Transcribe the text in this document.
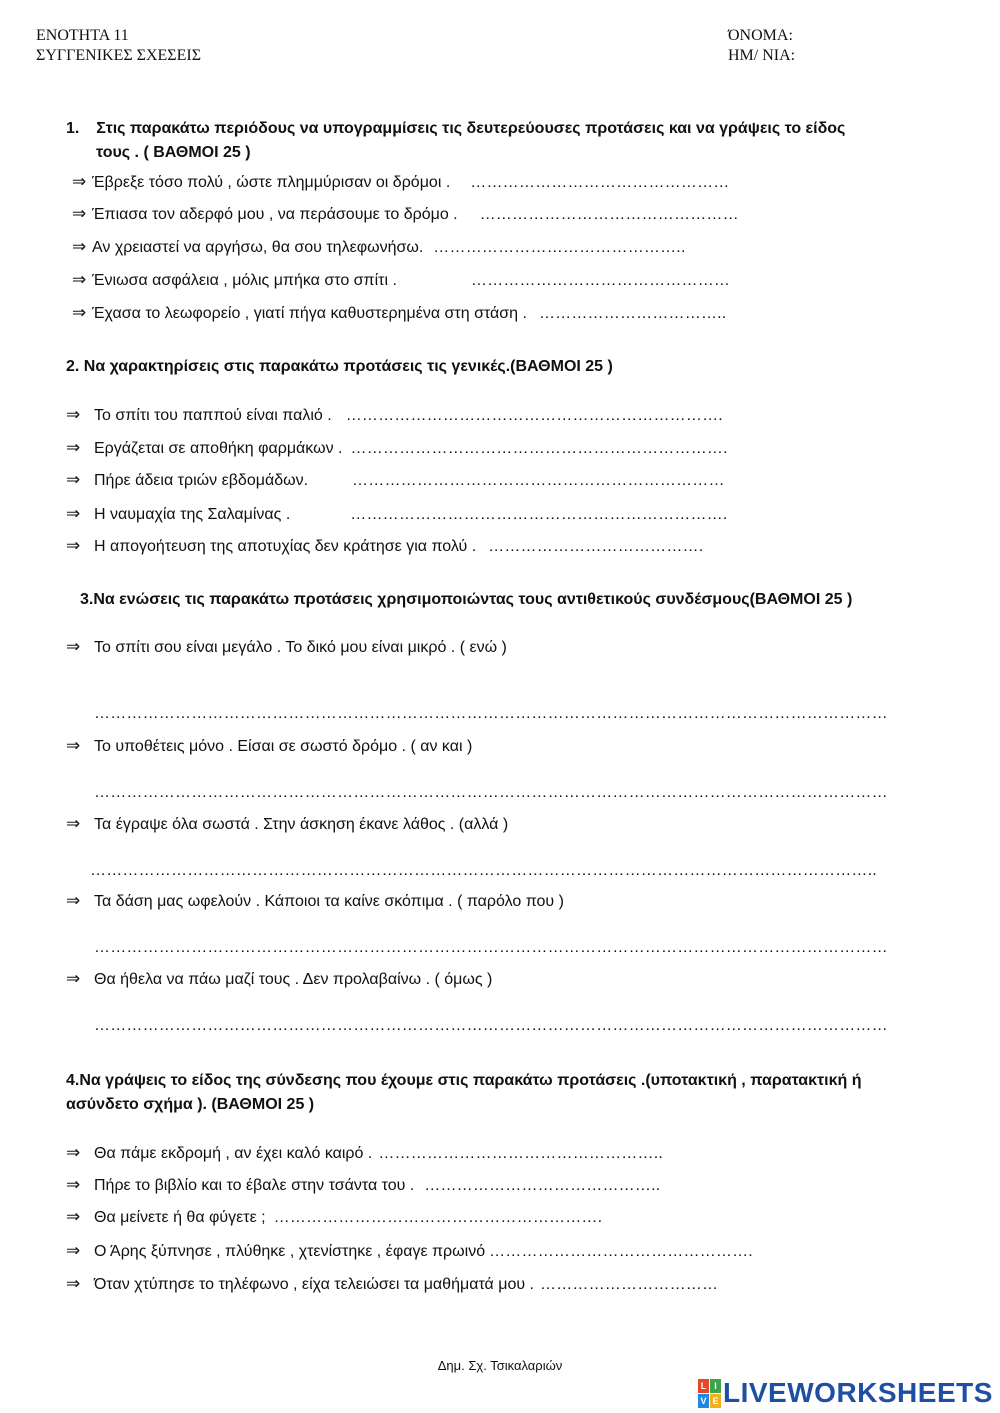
ΕΝΟΤΗΤΑ 11
ΣΥΓΓΕΝΙΚΕΣ ΣΧΕΣΕΙΣ
ΌΝΟΜΑ:
ΗΜ/ ΝΙΑ:
1. Στις παρακάτω περιόδους να υπογραμμίσεις τις δευτερεύουσες προτάσεις και να γράψεις το είδος
τους . ( ΒΑΘΜΟΙ 25 )
⇒ Έβρεξε τόσο πολύ , ώστε πλημμύρισαν οι δρόμοι . …………………………………………
⇒ Έπιασα τον αδερφό μου , να περάσουμε το δρόμο . …………………………………………
⇒ Αν χρειαστεί να αργήσω, θα σου τηλεφωνήσω. ………………………………………..
⇒ Ένιωσα ασφάλεια , μόλις μπήκα στο σπίτι .	…………………………………………
⇒ Έχασα το λεωφορείο , γιατί πήγα καθυστερημένα στη στάση . ……………………………..
2. Να χαρακτηρίσεις στις παρακάτω προτάσεις τις γενικές.(ΒΑΘΜΟΙ 25 )
⇒ Το σπίτι του παππού είναι παλιό . …………………………………………………………….
⇒ Εργάζεται σε αποθήκη φαρμάκων . …………………………………………………………….
⇒ Πήρε άδεια τριών εβδομάδων.	……………………………………………………………
⇒ Η ναυμαχία της Σαλαμίνας .	…………………………………………………………….
⇒ Η απογοήτευση της αποτυχίας δεν κράτησε για πολύ . ………………………………….
3.Να ενώσεις τις παρακάτω προτάσεις χρησιμοποιώντας τους αντιθετικούς συνδέσμους(ΒΑΘΜΟΙ 25 )
⇒ Το σπίτι σου είναι μεγάλο . Το δικό μου είναι μικρό . ( ενώ )
…………………………………………………………………………………………………………………………………
⇒ Το υποθέτεις μόνο . Είσαι σε σωστό δρόμο . ( αν και )
…………………………………………………………………………………………………………………………………
⇒ Τα έγραψε όλα σωστά . Στην άσκηση έκανε λάθος . (αλλά )
………………………………………………………………………………………………………………………………..
⇒ Τα δάση μας ωφελούν . Κάποιοι τα καίνε σκόπιμα . ( παρόλο που )
…………………………………………………………………………………………………………………………………
⇒ Θα ήθελα να πάω μαζί τους . Δεν προλαβαίνω . ( όμως )
…………………………………………………………………………………………………………………………………
4.Να γράψεις το είδος της σύνδεσης που έχουμε στις παρακάτω προτάσεις .(υποτακτική , παρατακτική ή
ασύνδετο σχήμα ). (ΒΑΘΜΟΙ 25 )
⇒ Θα πάμε εκδρομή , αν έχει καλό καιρό . ……………………………………………..
⇒ Πήρε το βιβλίο και το έβαλε στην τσάντα του . ……………………………………..
⇒ Θα μείνετε ή θα φύγετε ; …………………………………………………….
⇒ Ο Άρης ξύπνησε , πλύθηκε , χτενίστηκε , έφαγε πρωινό ………………………………………….
⇒ Όταν χτύπησε το τηλέφωνο , είχα τελειώσει τα μαθήματά μου . ……………………………
Δημ. Σχ. Τσικαλαριών
L I
V E LIVEWORKSHEETS
